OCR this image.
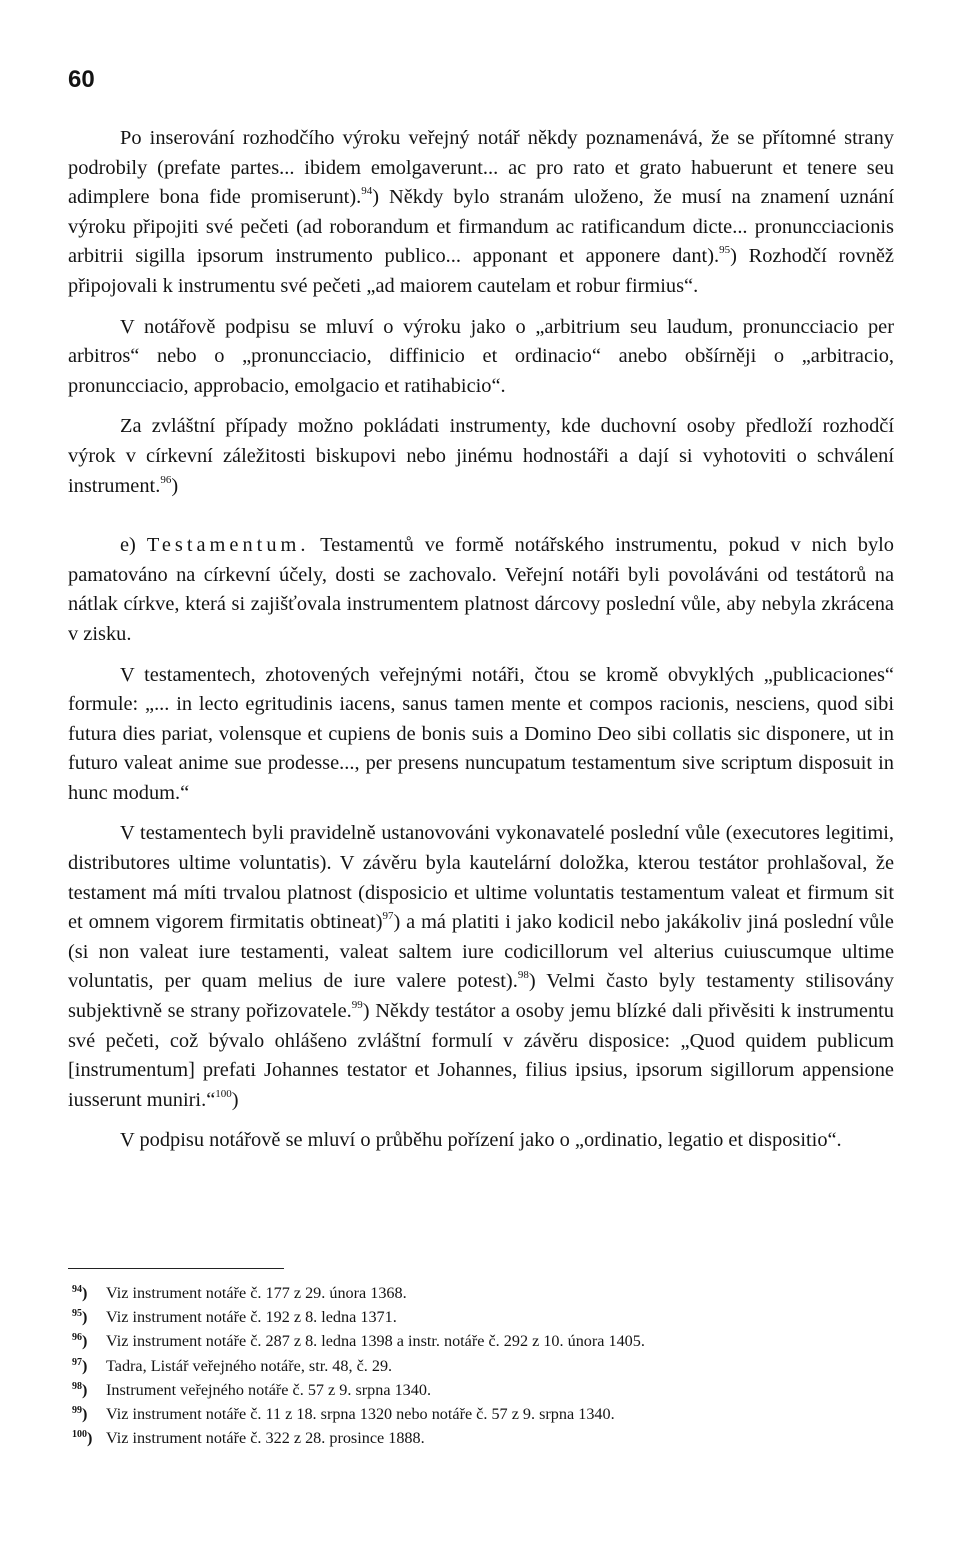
60

Po inserování rozhodčího výroku veřejný notář někdy poznamenává, že se přítomné strany podrobily (prefate partes... ibidem emolgaverunt... ac pro rato et grato habuerunt et tenere seu adimplere bona fide promiserunt).$^{94}$) Někdy bylo stranám uloženo, že musí na znamení uznání výroku připojiti své pečeti (ad roborandum et firmandum ac ratificandum dicte... pronuncciacionis arbitrii sigilla ipsorum instrumento publico... apponant et apponere dant).$^{95}$) Rozhodčí rovněž připojovali k instrumentu své pečeti „ad maiorem cautelam et robur firmius“.

V notářově podpisu se mluví o výroku jako o „arbitrium seu laudum, pronuncciacio per arbitros“ nebo o „pronuncciacio, diffinicio et ordinacio“ anebo obšírněji o „arbitracio, pronuncciacio, approbacio, emolgacio et ratihabicio“.

Za zvláštní případy možno pokládati instrumenty, kde duchovní osoby předloží rozhodčí výrok v církevní záležitosti biskupovi nebo jinému hodnostáři a dají si vyhotoviti o schválení instrument.$^{96}$)

e) Testamentum. Testamentů ve formě notářského instrumentu, pokud v nich bylo pamatováno na církevní účely, dosti se zachovalo. Veřejní notáři byli povoláváni od testátorů na nátlak církve, která si zajišťovala instrumentem platnost dárcovy poslední vůle, aby nebyla zkrácena v zisku.

V testamentech, zhotovených veřejnými notáři, čtou se kromě obvyklých „publicaciones“ formule: „... in lecto egritudinis iacens, sanus tamen mente et compos racionis, nesciens, quod sibi futura dies pariat, volensque et cupiens de bonis suis a Domino Deo sibi collatis sic disponere, ut in futuro valeat anime sue prodesse..., per presens nuncupatum testamentum sive scriptum disposuit in hunc modum.“

V testamentech byli pravidelně ustanovováni vykonavatelé poslední vůle (executores legitimi, distributores ultime voluntatis). V závěru byla kautelární doložka, kterou testátor prohlašoval, že testament má míti trvalou platnost (disposicio et ultime voluntatis testamentum valeat et firmum sit et omnem vigorem firmitatis obtineat)$^{97}$) a má platiti i jako kodicil nebo jakákoliv jiná poslední vůle (si non valeat iure testamenti, valeat saltem iure codicillorum vel alterius cuiuscumque ultime voluntatis, per quam melius de iure valere potest).$^{98}$) Velmi často byly testamenty stilisovány subjektivně se strany pořizovatele.$^{99}$) Někdy testátor a osoby jemu blízké dali přivěsiti k instrumentu své pečeti, což bývalo ohlášeno zvláštní formulí v závěru disposice: „Quod quidem publicum [instrumentum] prefati Johannes testator et Johannes, filius ipsius, ipsorum sigillorum appensione iusserunt muniri.“$^{100}$)

V podpisu notářově se mluví o průběhu pořízení jako o „ordinatio, legatio et dispositio“.

$^{94}$) Viz instrument notáře č. 177 z 29. února 1368.
$^{95}$) Viz instrument notáře č. 192 z 8. ledna 1371.
$^{96}$) Viz instrument notáře č. 287 z 8. ledna 1398 a instr. notáře č. 292 z 10. února 1405.
$^{97}$) Tadra, Listář veřejného notáře, str. 48, č. 29.
$^{98}$) Instrument veřejného notáře č. 57 z 9. srpna 1340.
$^{99}$) Viz instrument notáře č. 11 z 18. srpna 1320 nebo notáře č. 57 z 9. srpna 1340.
$^{100}$) Viz instrument notáře č. 322 z 28. prosince 1888.
